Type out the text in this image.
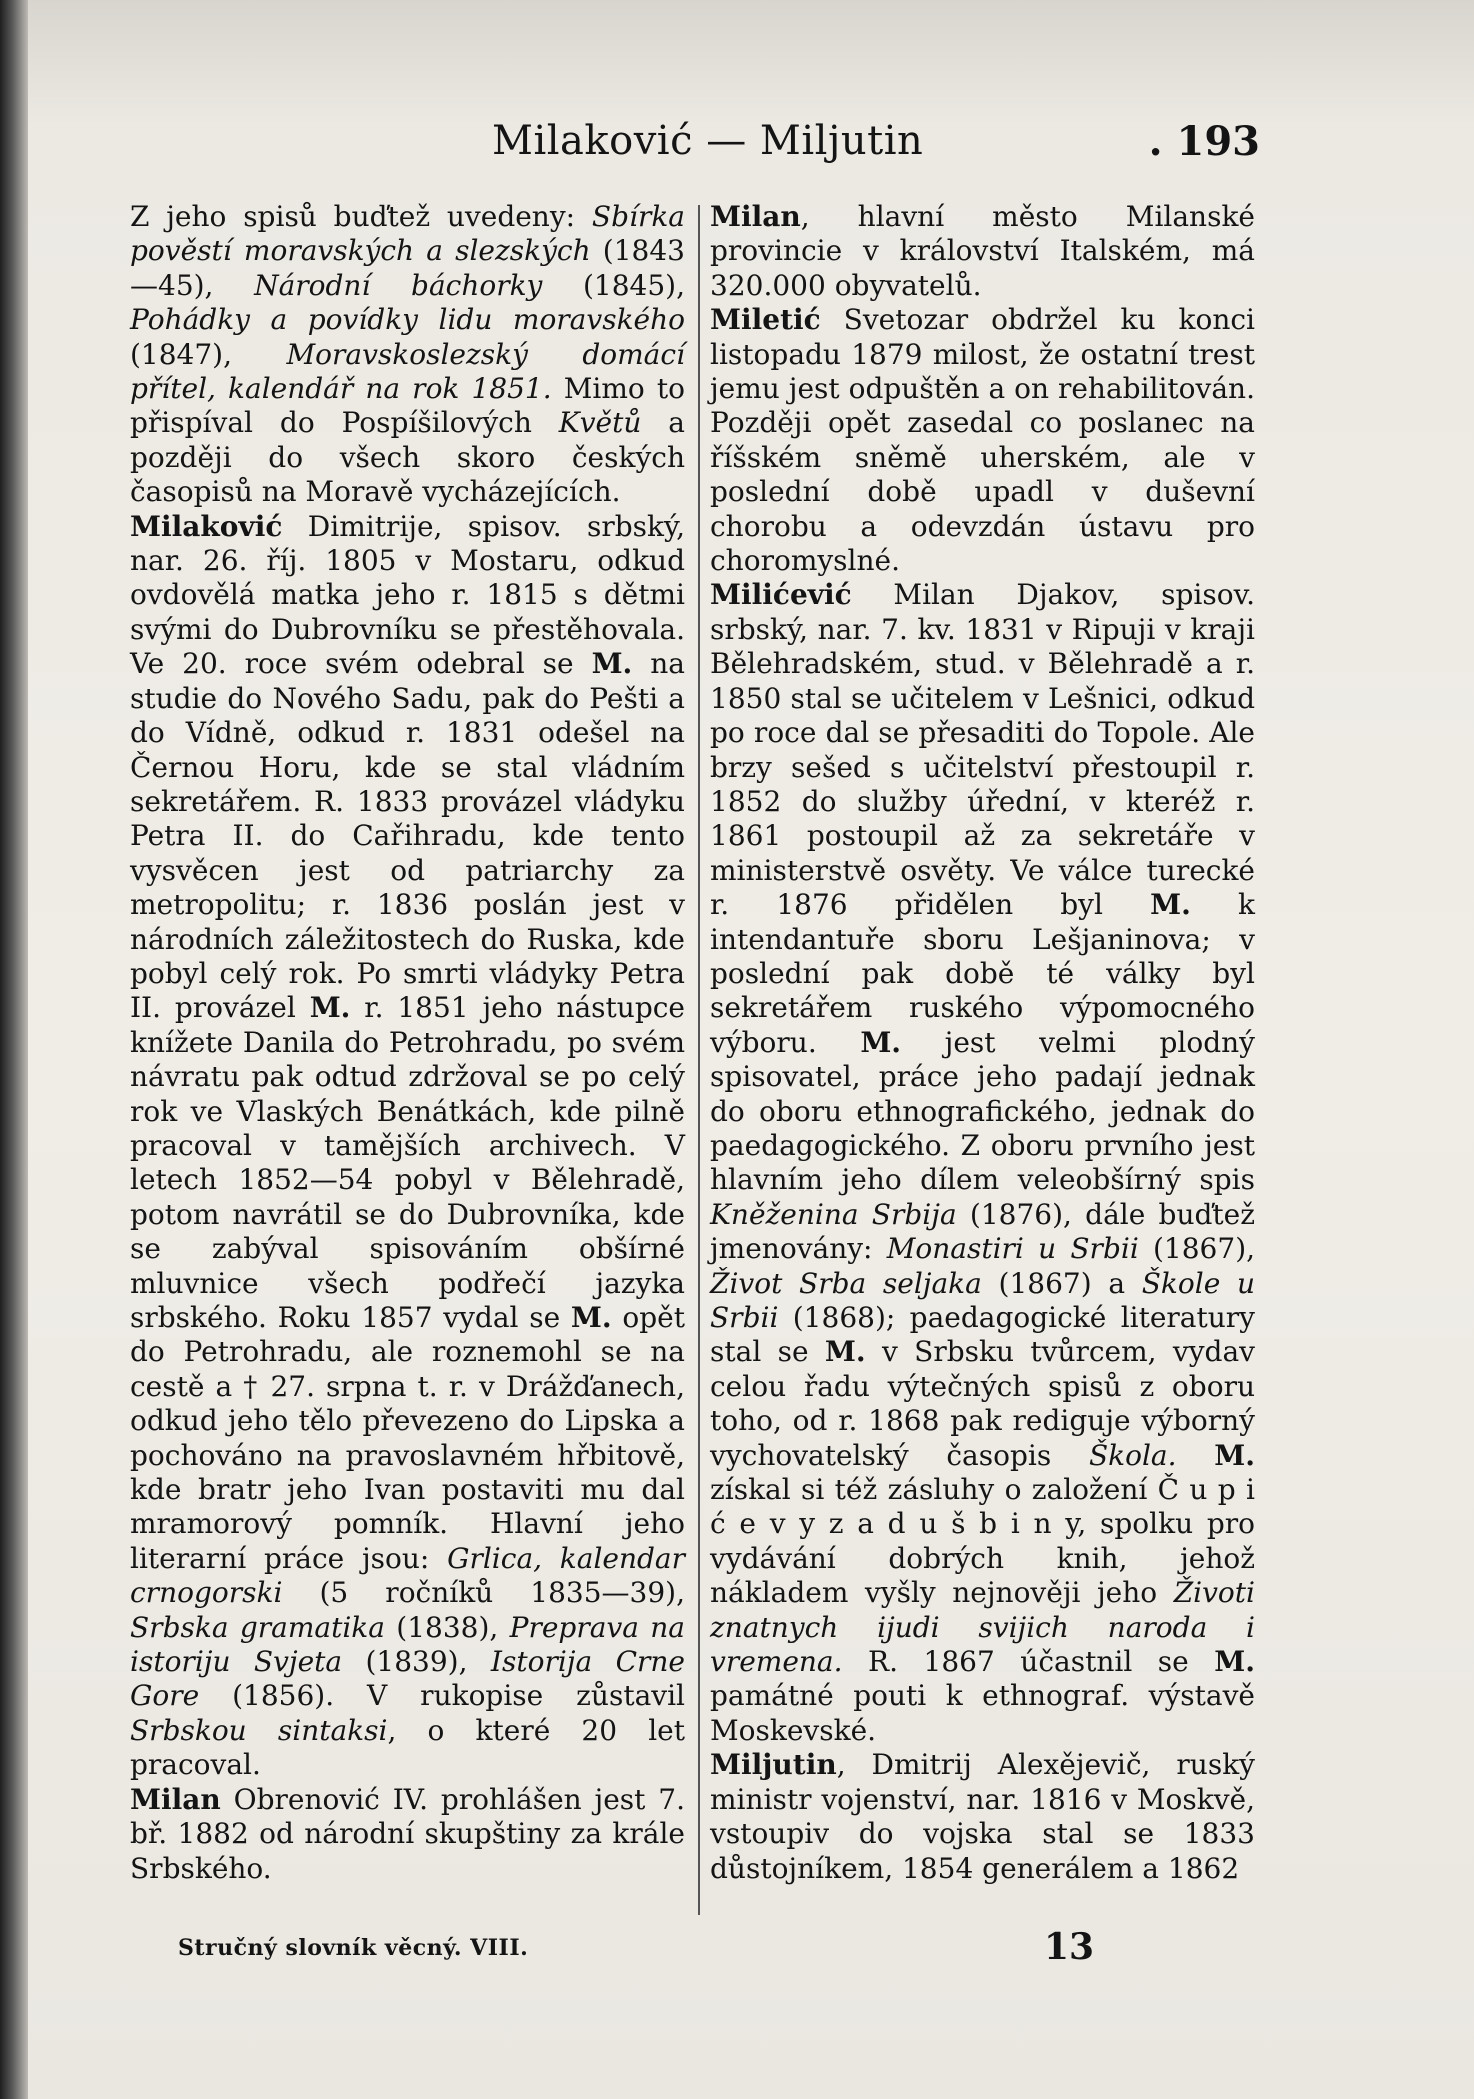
Milaković — Miljutin	. 193

Z jeho spisů buďtež uvedeny: Sbírka pověstí moravských a slezských (1843—45), Národní báchorky (1845), Pohádky a povídky lidu moravského (1847), Moravskoslezský domácí přítel, kalendář na rok 1851. Mimo to přispíval do Pospíšilových Květů a později do všech skoro českých časopisů na Moravě vycházejících.

Milaković Dimitrije, spisov. srbský, nar. 26. říj. 1805 v Mostaru, odkud ovdovělá matka jeho r. 1815 s dětmi svými do Dubrovníku se přestěhovala. Ve 20. roce svém odebral se M. na studie do Nového Sadu, pak do Pešti a do Vídně, odkud r. 1831 odešel na Černou Horu, kde se stal vládním sekretářem. R. 1833 provázel vládyku Petra II. do Cařihradu, kde tento vysvěcen jest od patriarchy za metropolitu; r. 1836 poslán jest v národních záležitostech do Ruska, kde pobyl celý rok. Po smrti vládyky Petra II. provázel M. r. 1851 jeho nástupce knížete Danila do Petrohradu, po svém návratu pak odtud zdržoval se po celý rok ve Vlaských Benátkách, kde pilně pracoval v tamějších archivech. V letech 1852—54 pobyl v Bělehradě, potom navrátil se do Dubrovníka, kde se zabýval spisováním obšírné mluvnice všech podřečí jazyka srbského. Roku 1857 vydal se M. opět do Petrohradu, ale roznemohl se na cestě a † 27. srpna t. r. v Drážďanech, odkud jeho tělo převezeno do Lipska a pochováno na pravoslavném hřbitově, kde bratr jeho Ivan postaviti mu dal mramorový pomník. Hlavní jeho literarní práce jsou: Grlica, kalendar crnogorski (5 ročníků 1835—39), Srbska gramatika (1838), Preprava na istoriju Svjeta (1839), Istorija Crne Gore (1856). V rukopise zůstavil Srbskou sintaksi, o které 20 let pracoval.

Milan Obrenović IV. prohlášen jest 7. bř. 1882 od národní skupštiny za krále Srbského.

Milan, hlavní město Milanské provincie v království Italském, má 320.000 obyvatelů.

Miletić Svetozar obdržel ku konci listopadu 1879 milost, že ostatní trest jemu jest odpuštěn a on rehabilitován. Později opět zasedal co poslanec na říšském sněmě uherském, ale v poslední době upadl v duševní chorobu a odevzdán ústavu pro choromyslné.

Milićević Milan Djakov, spisov. srbský, nar. 7. kv. 1831 v Ripuji v kraji Bělehradském, stud. v Bělehradě a r. 1850 stal se učitelem v Lešnici, odkud po roce dal se přesaditi do Topole. Ale brzy sešed s učitelství přestoupil r. 1852 do služby úřední, v kteréž r. 1861 postoupil až za sekretáře v ministerstvě osvěty. Ve válce turecké r. 1876 přidělen byl M. k intendantuře sboru Lešjaninova; v poslední pak době té války byl sekretářem ruského výpomocného výboru. M. jest velmi plodný spisovatel, práce jeho padají jednak do oboru ethnografického, jednak do paedagogického. Z oboru prvního jest hlavním jeho dílem veleobšírný spis Kněženina Srbija (1876), dále buďtež jmenovány: Monastiri u Srbii (1867), Život Srba seljaka (1867) a Škole u Srbii (1868); paedagogické literatury stal se M. v Srbsku tvůrcem, vydav celou řadu výtečných spisů z oboru toho, od r. 1868 pak rediguje výborný vychovatelský časopis Škola. M. získal si též zásluhy o založení Č u p i ć e v y z a d u š b i n y, spolku pro vydávání dobrých knih, jehož nákladem vyšly nejnověji jeho Životi znatnych ijudi svijich naroda i vremena. R. 1867 účastnil se M. památné pouti k ethnograf. výstavě Moskevské.

Miljutin, Dmitrij Alexějevič, ruský ministr vojenství, nar. 1816 v Moskvě, vstoupiv do vojska stal se 1833 důstojníkem, 1854 generálem a 1862

Stručný slovník věcný. VIII.	13
